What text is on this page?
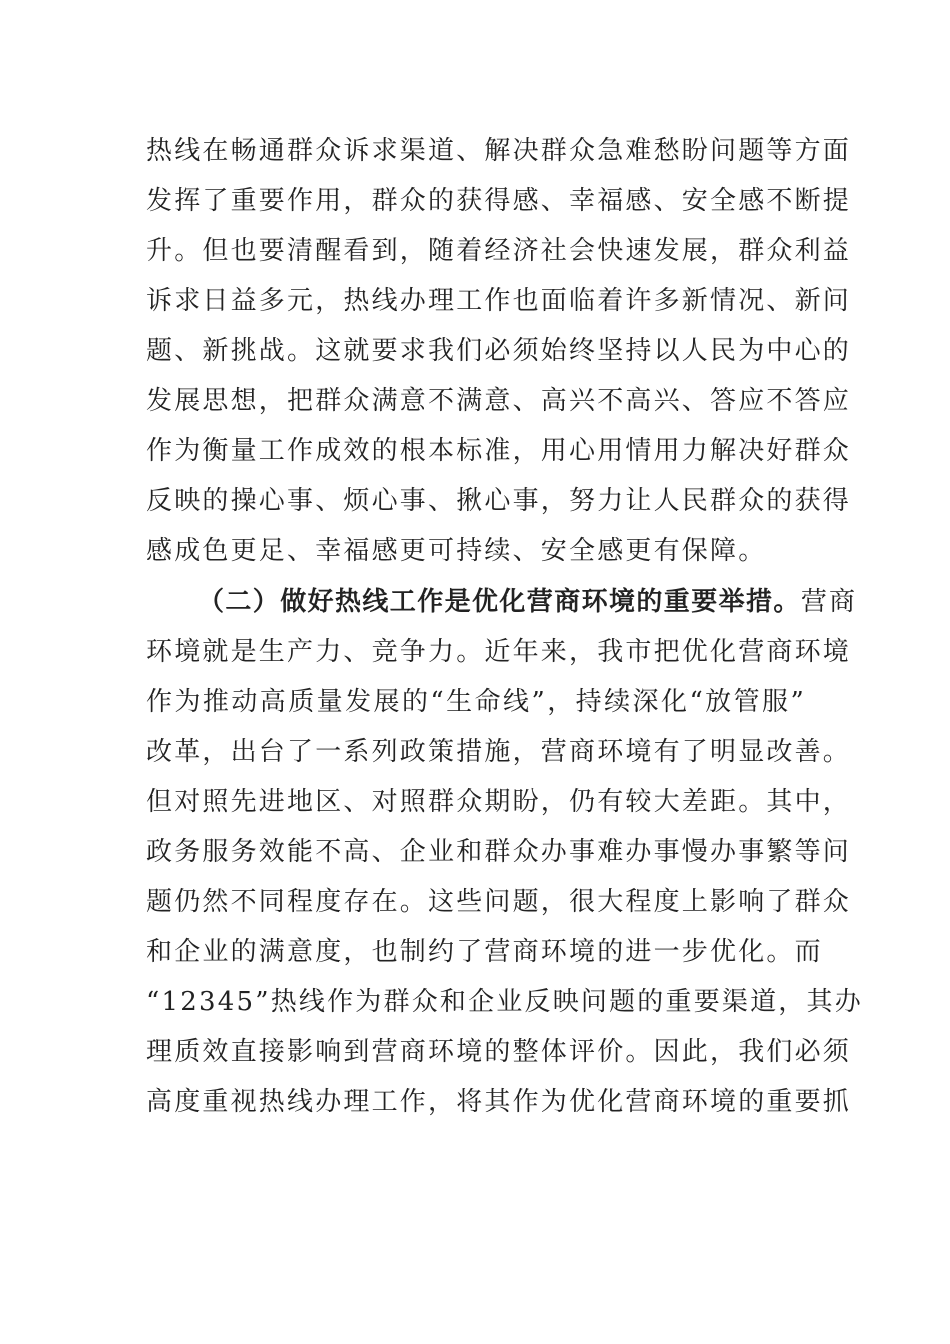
热线在畅通群众诉求渠道、解决群众急难愁盼问题等方面
发挥了重要作用，群众的获得感、幸福感、安全感不断提
升。但也要清醒看到，随着经济社会快速发展，群众利益
诉求日益多元，热线办理工作也面临着许多新情况、新问
题、新挑战。这就要求我们必须始终坚持以人民为中心的
发展思想，把群众满意不满意、高兴不高兴、答应不答应
作为衡量工作成效的根本标准，用心用情用力解决好群众
反映的操心事、烦心事、揪心事，努力让人民群众的获得
感成色更足、幸福感更可持续、安全感更有保障。
（二）做好热线工作是优化营商环境的重要举措。营商
环境就是生产力、竞争力。近年来，我市把优化营商环境
作为推动高质量发展的“生命线”，持续深化“放管服”
改革，出台了一系列政策措施，营商环境有了明显改善。
但对照先进地区、对照群众期盼，仍有较大差距。其中，
政务服务效能不高、企业和群众办事难办事慢办事繁等问
题仍然不同程度存在。这些问题，很大程度上影响了群众
和企业的满意度，也制约了营商环境的进一步优化。而
“12345”热线作为群众和企业反映问题的重要渠道，其办
理质效直接影响到营商环境的整体评价。因此，我们必须
高度重视热线办理工作，将其作为优化营商环境的重要抓
